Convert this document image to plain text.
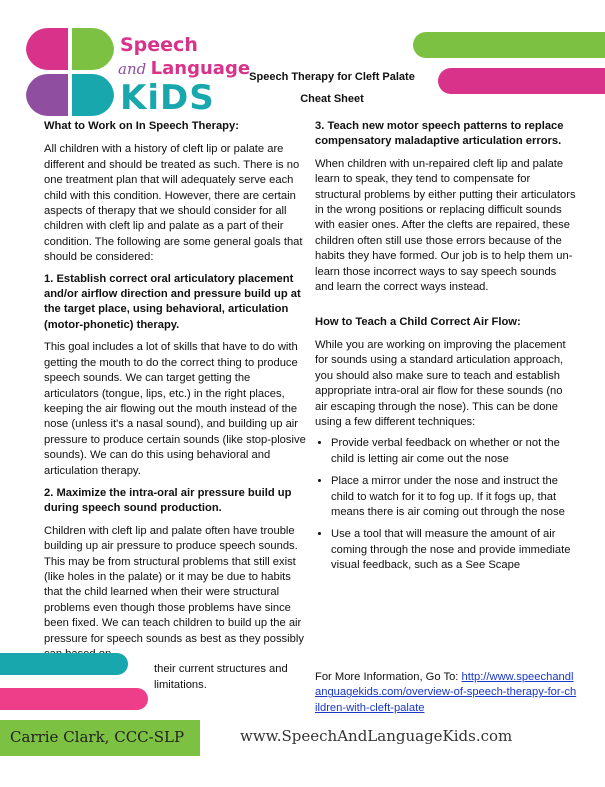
Speech
and Language
KiDS
Speech Therapy for Cleft Palate
Cheat Sheet
What to Work on In Speech Therapy:

All children with a history of cleft lip or palate are different and should be treated as such. There is no one treatment plan that will adequately serve each child with this condition. However, there are certain aspects of therapy that we should consider for all children with cleft lip and palate as a part of their condition. The following are some general goals that should be considered:

1. Establish correct oral articulatory placement and/or airflow direction and pressure build up at the target place, using behavioral, articulation (motor-phonetic) therapy.

This goal includes a lot of skills that have to do with getting the mouth to do the correct thing to produce speech sounds. We can target getting the articulators (tongue, lips, etc.) in the right places, keeping the air flowing out the mouth instead of the nose (unless it's a nasal sound), and building up air pressure to produce certain sounds (like stop-plosive sounds). We can do this using behavioral and articulation therapy.

2. Maximize the intra-oral air pressure build up during speech sound production.

Children with cleft lip and palate often have trouble building up air pressure to produce speech sounds. This may be from structural problems that still exist (like holes in the palate) or it may be due to habits that the child learned when their were structural problems even though those problems have since been fixed. We can teach children to build up the air pressure for speech sounds as best as they possibly

their current structures and limitations.

3. Teach new motor speech patterns to replace compensatory maladaptive articulation errors.

When children with un-repaired cleft lip and palate learn to speak, they tend to compensate for structural problems by either putting their articulators in the wrong positions or replacing difficult sounds with easier ones. After the clefts are repaired, these children often still use those errors because of the habits they have formed. Our job is to help them un-learn those incorrect ways to say speech sounds and learn the correct ways instead.

How to Teach a Child Correct Air Flow:

While you are working on improving the placement for sounds using a standard articulation approach, you should also make sure to teach and establish appropriate intra-oral air flow for these sounds (no air escaping through the nose). This can be done using a few different techniques:

• Provide verbal feedback on whether or not the child is letting air come out the nose
• Place a mirror under the nose and instruct the child to watch for it to fog up. If it fogs up, that means there is air coming out through the nose
• Use a tool that will measure the amount of air coming through the nose and provide immediate visual feedback, such as a See Scape
For More Information, Go To: http://www.speechandlanguagekids.com/overview-of-speech-therapy-for-children-with-cleft-palate
Carrie Clark, CCC-SLP	www.SpeechAndLanguageKids.com
